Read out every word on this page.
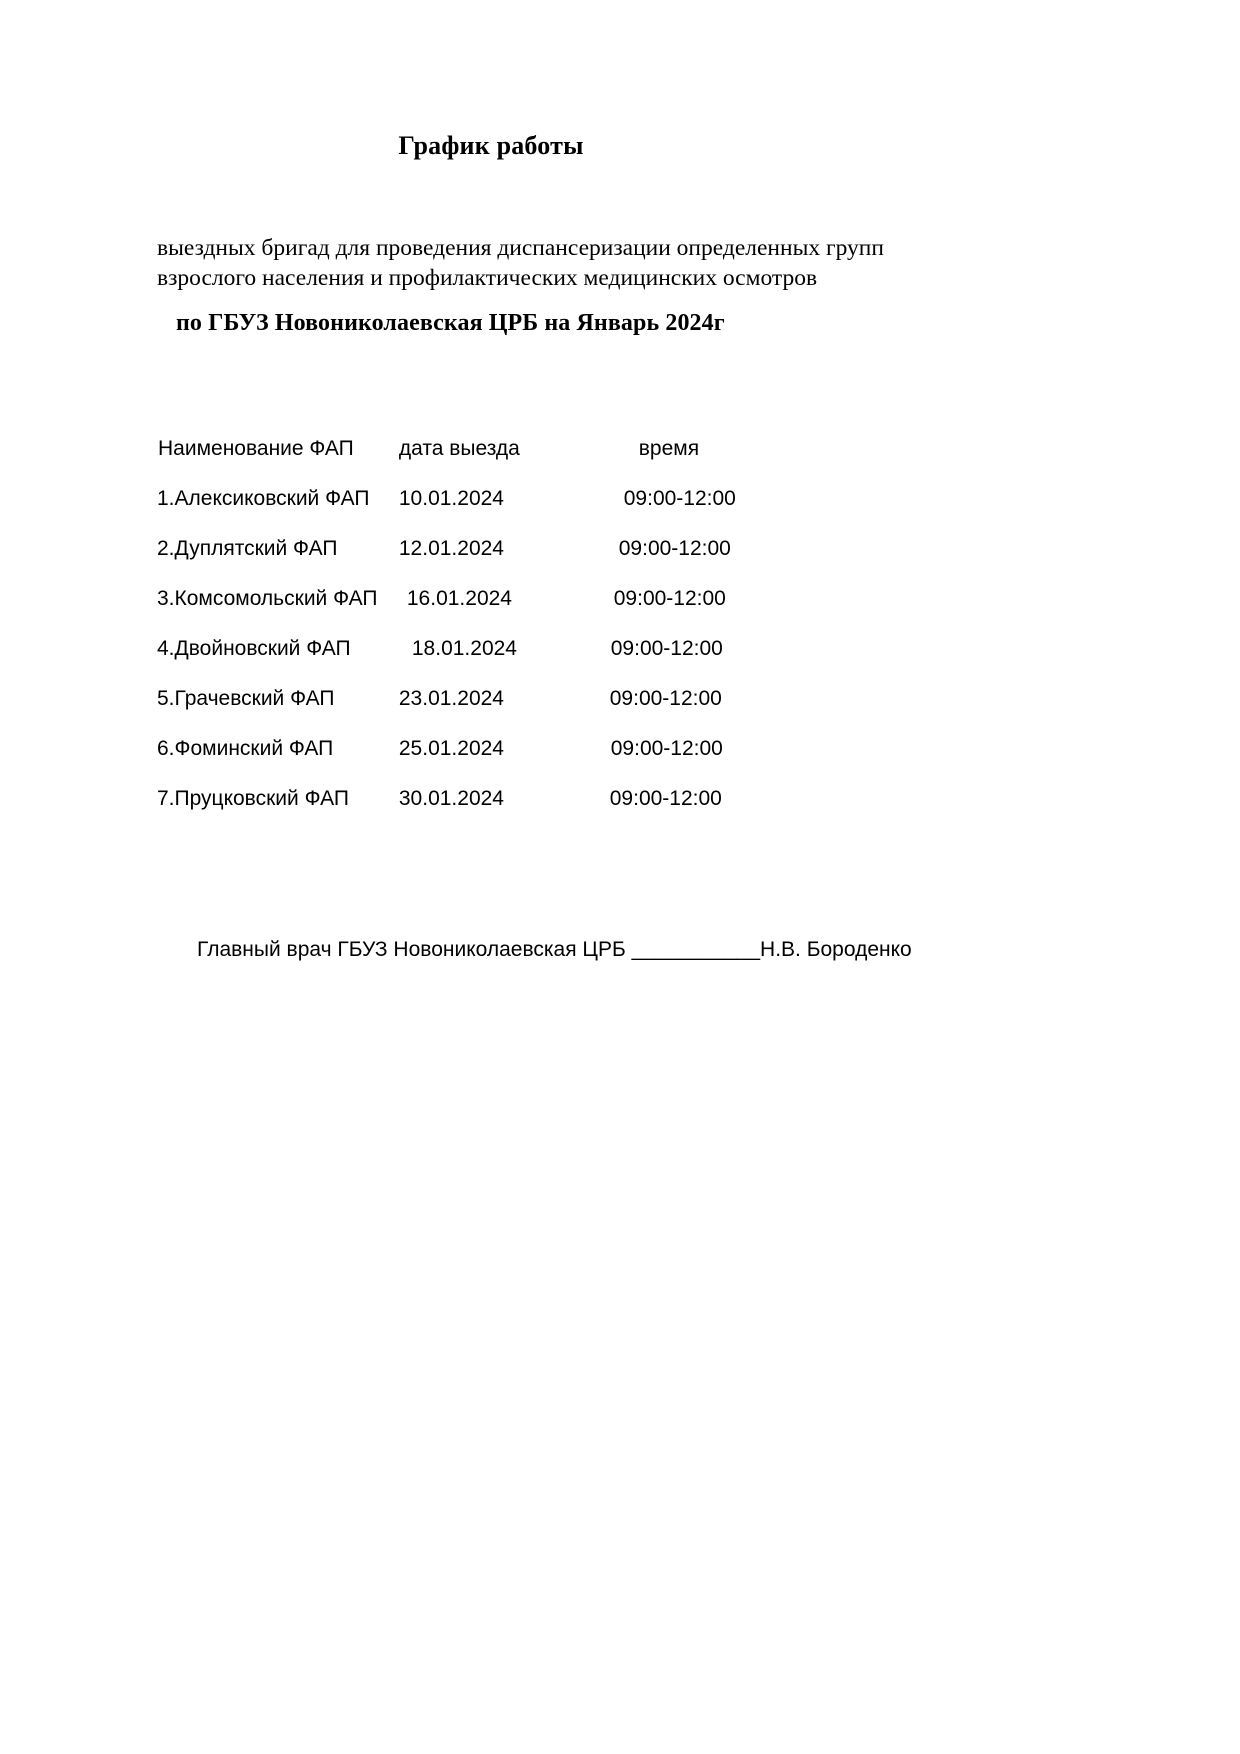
График работы
выездных бригад для проведения диспансеризации определенных групп взрослого населения и профилактических медицинских осмотров
по ГБУЗ Новониколаевская ЦРБ на Январь 2024г
Наименование ФАП	дата выезда	время
1.Алексиковский ФАП	10.01.2024	09:00-12:00
2.Дуплятский ФАП	12.01.2024	09:00-12:00
3.Комсомольский ФАП	16.01.2024	09:00-12:00
4.Двойновский ФАП	18.01.2024	09:00-12:00
5.Грачевский ФАП	23.01.2024	09:00-12:00
6.Фоминский ФАП	25.01.2024	09:00-12:00
7.Пруцковский ФАП	30.01.2024	09:00-12:00
Главный врач ГБУЗ Новониколаевская ЦРБ ___________Н.В. Бороденко
